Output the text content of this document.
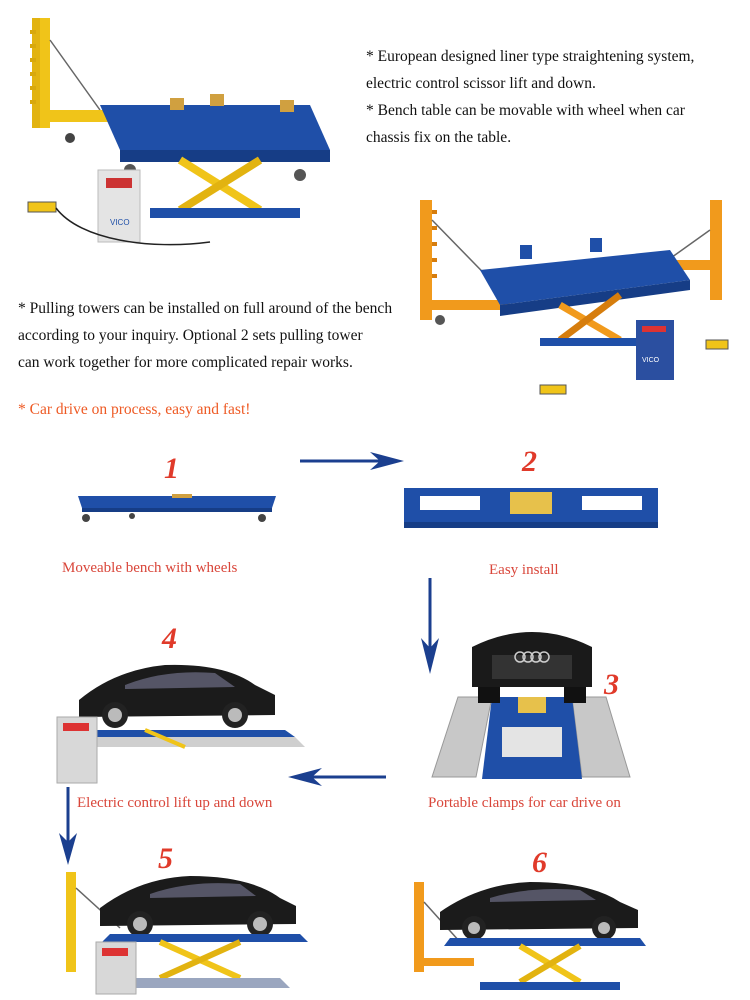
VICO

* European designed liner type straightening system,

electric control scissor lift and down.

* Bench table can be movable with wheel when car

chassis fix on the table.

VICO

* Pulling towers can be installed on full around of the bench

according to your inquiry. Optional 2 sets pulling tower

can work together for more complicated repair works.

* Car drive on process, easy and fast!
1
Moveable bench with wheels
2
Easy install
3
Portable clamps for car drive on
4
Electric control lift up and down
5	6
